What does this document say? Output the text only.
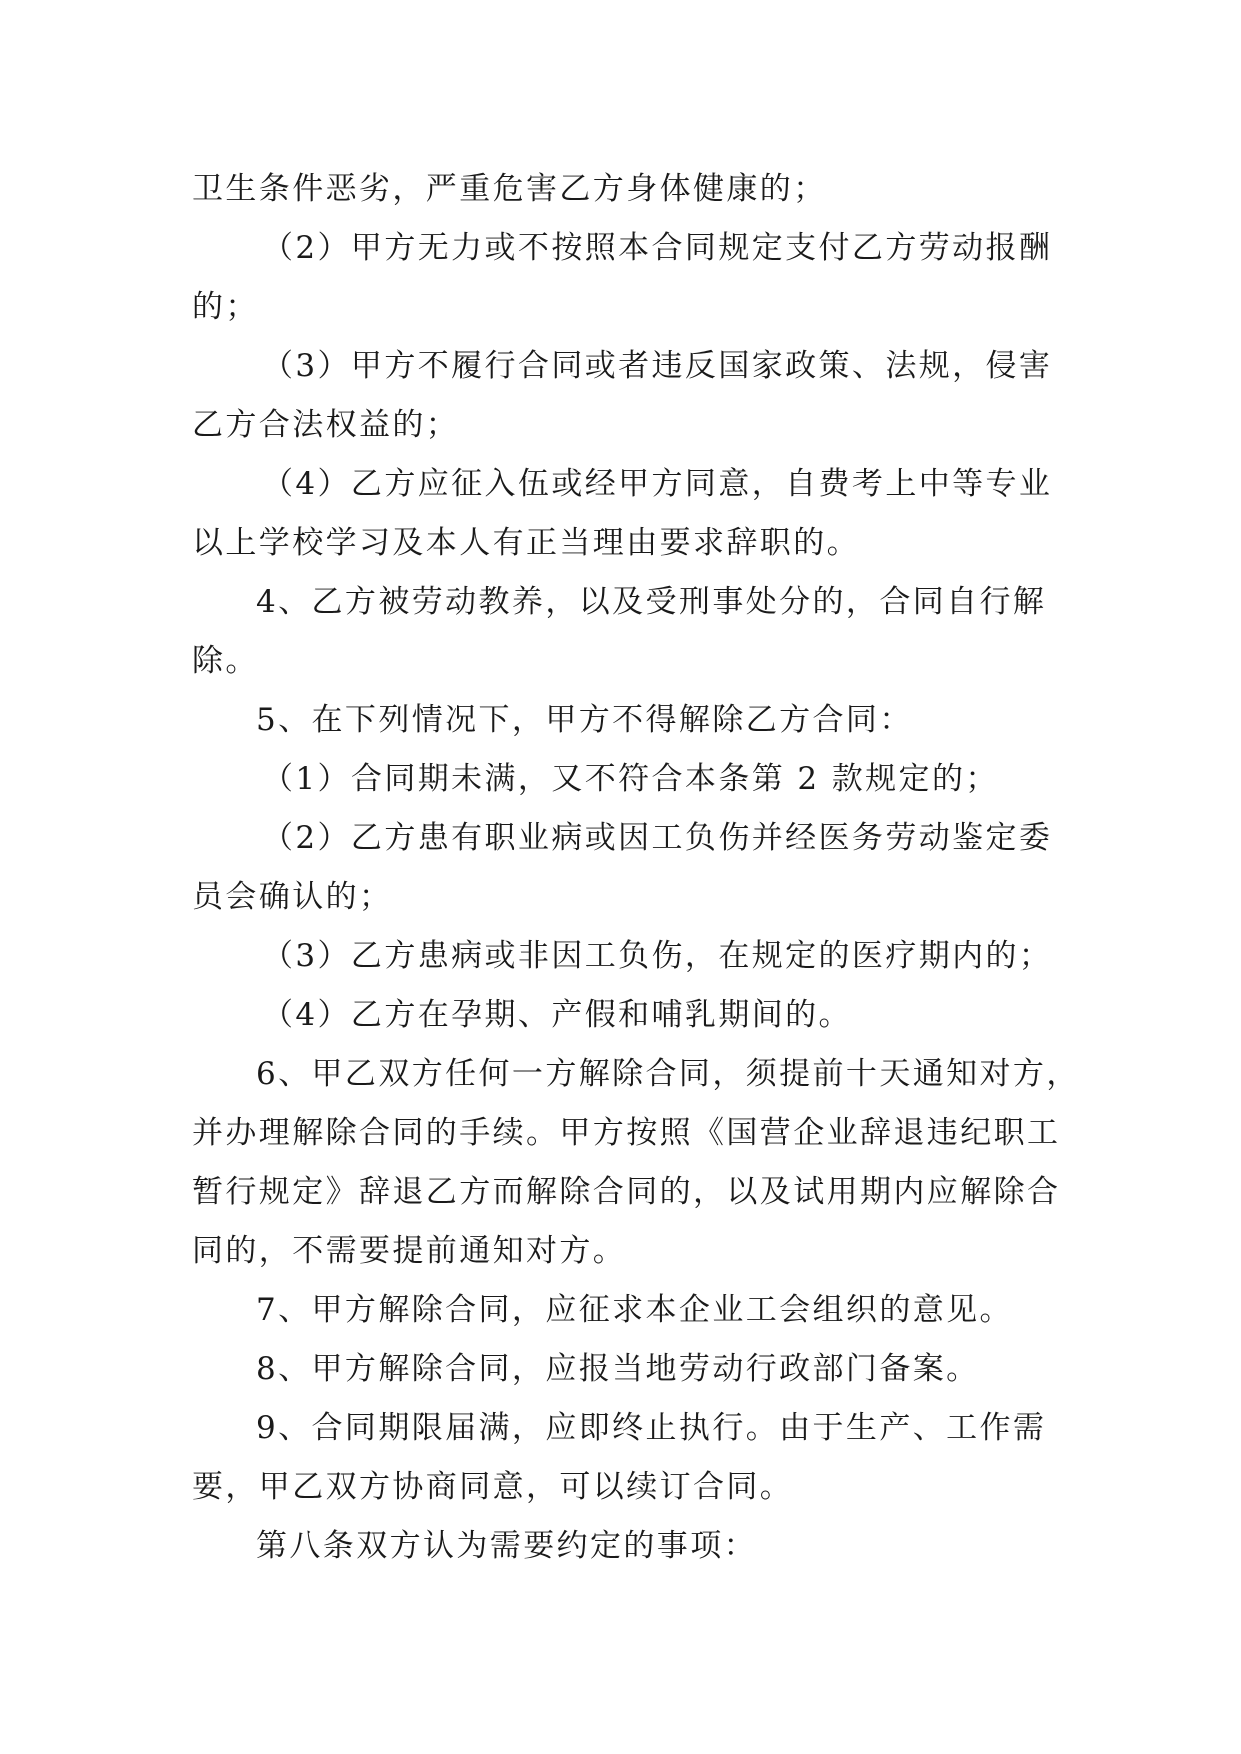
卫生条件恶劣，严重危害乙方身体健康的；
（2）甲方无力或不按照本合同规定支付乙方劳动报酬
的；
（3）甲方不履行合同或者违反国家政策、法规，侵害
乙方合法权益的；
（4）乙方应征入伍或经甲方同意，自费考上中等专业
以上学校学习及本人有正当理由要求辞职的。
4、乙方被劳动教养，以及受刑事处分的，合同自行解
除。
5、在下列情况下，甲方不得解除乙方合同：
（1）合同期未满，又不符合本条第 2 款规定的；
（2）乙方患有职业病或因工负伤并经医务劳动鉴定委
员会确认的；
（3）乙方患病或非因工负伤，在规定的医疗期内的；
（4）乙方在孕期、产假和哺乳期间的。
6、甲乙双方任何一方解除合同，须提前十天通知对方，
并办理解除合同的手续。甲方按照《国营企业辞退违纪职工
暂行规定》辞退乙方而解除合同的，以及试用期内应解除合
同的，不需要提前通知对方。
7、甲方解除合同，应征求本企业工会组织的意见。
8、甲方解除合同，应报当地劳动行政部门备案。
9、合同期限届满，应即终止执行。由于生产、工作需
要，甲乙双方协商同意，可以续订合同。
第八条双方认为需要约定的事项：
